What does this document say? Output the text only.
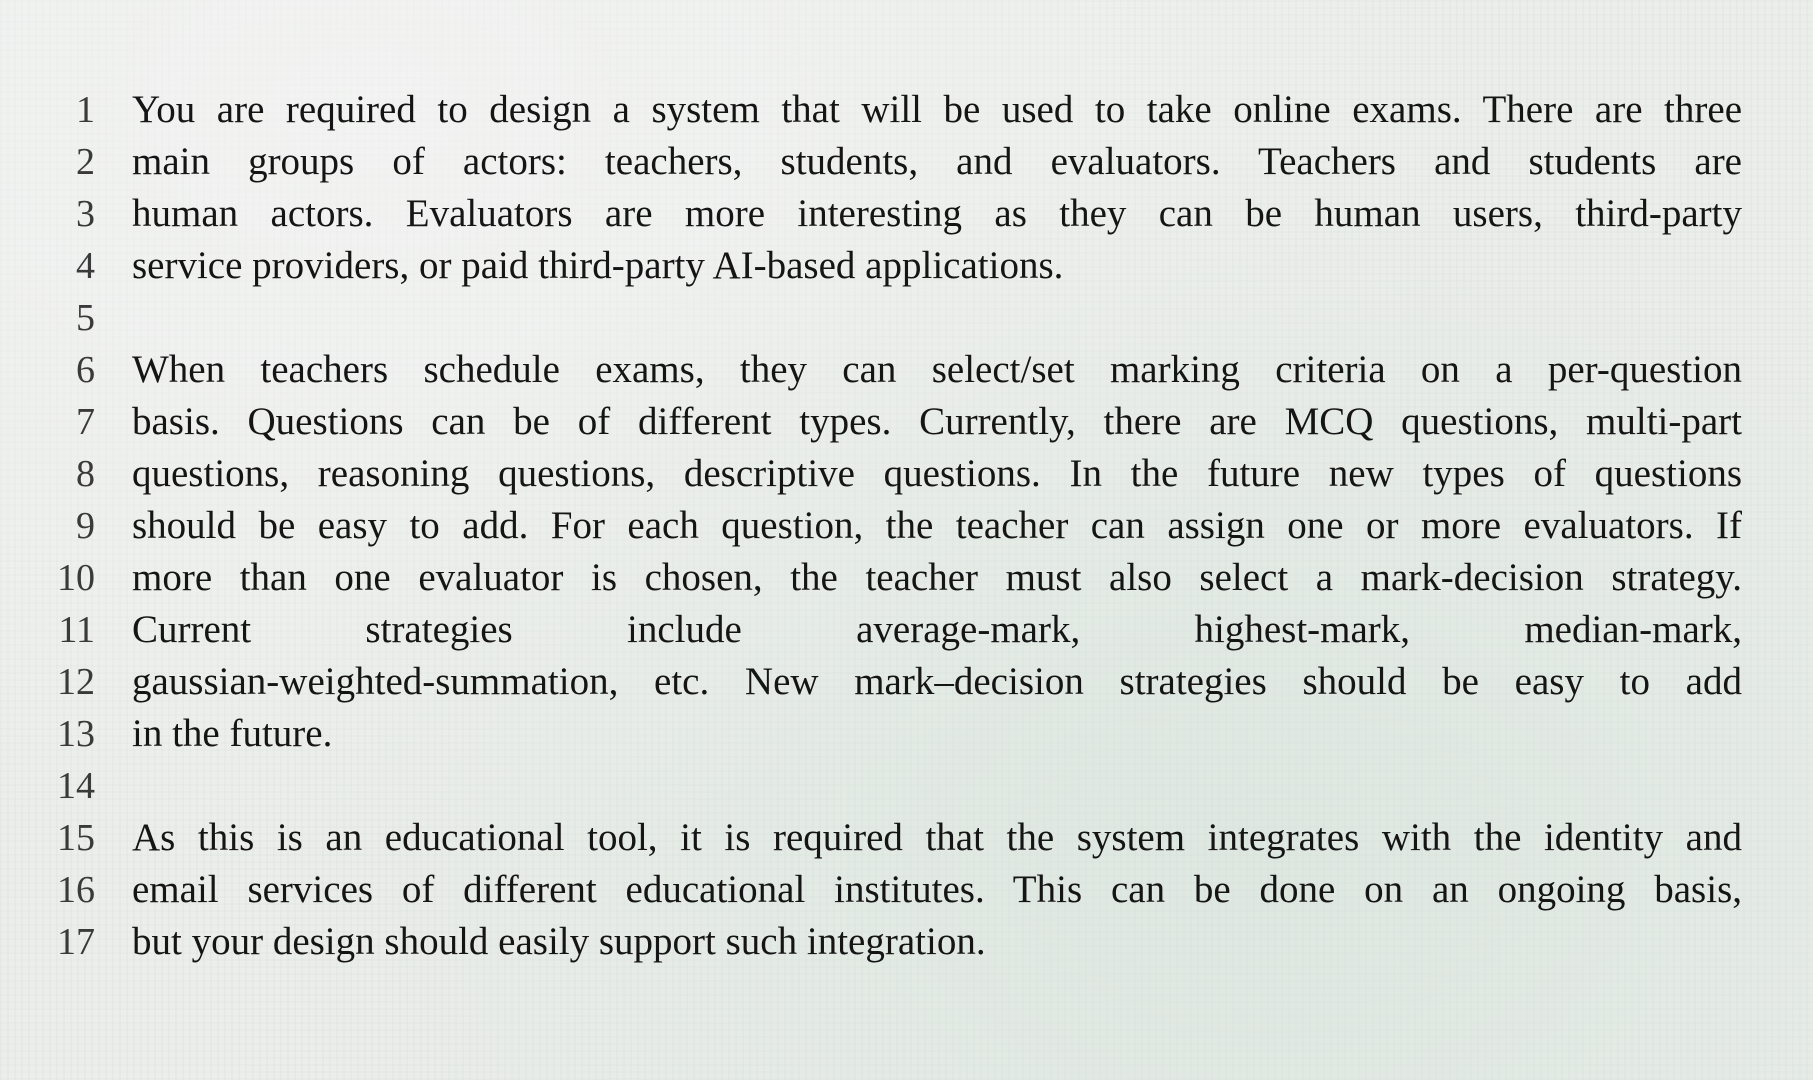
1 You are required to design a system that will be used to take online exams. There are three
2 main groups of actors: teachers, students, and evaluators. Teachers and students are
3 human actors. Evaluators are more interesting as they can be human users, third-party
4 service providers, or paid third-party AI-based applications.
5
6 When teachers schedule exams, they can select/set marking criteria on a per-question
7 basis. Questions can be of different types. Currently, there are MCQ questions, multi-part
8 questions, reasoning questions, descriptive questions. In the future new types of questions
9 should be easy to add. For each question, the teacher can assign one or more evaluators. If
10 more than one evaluator is chosen, the teacher must also select a mark-decision strategy.
11 Current strategies include average-mark, highest-mark, median-mark,
12 gaussian-weighted-summation, etc. New mark–decision strategies should be easy to add
13 in the future.
14
15 As this is an educational tool, it is required that the system integrates with the identity and
16 email services of different educational institutes. This can be done on an ongoing basis,
17 but your design should easily support such integration.
